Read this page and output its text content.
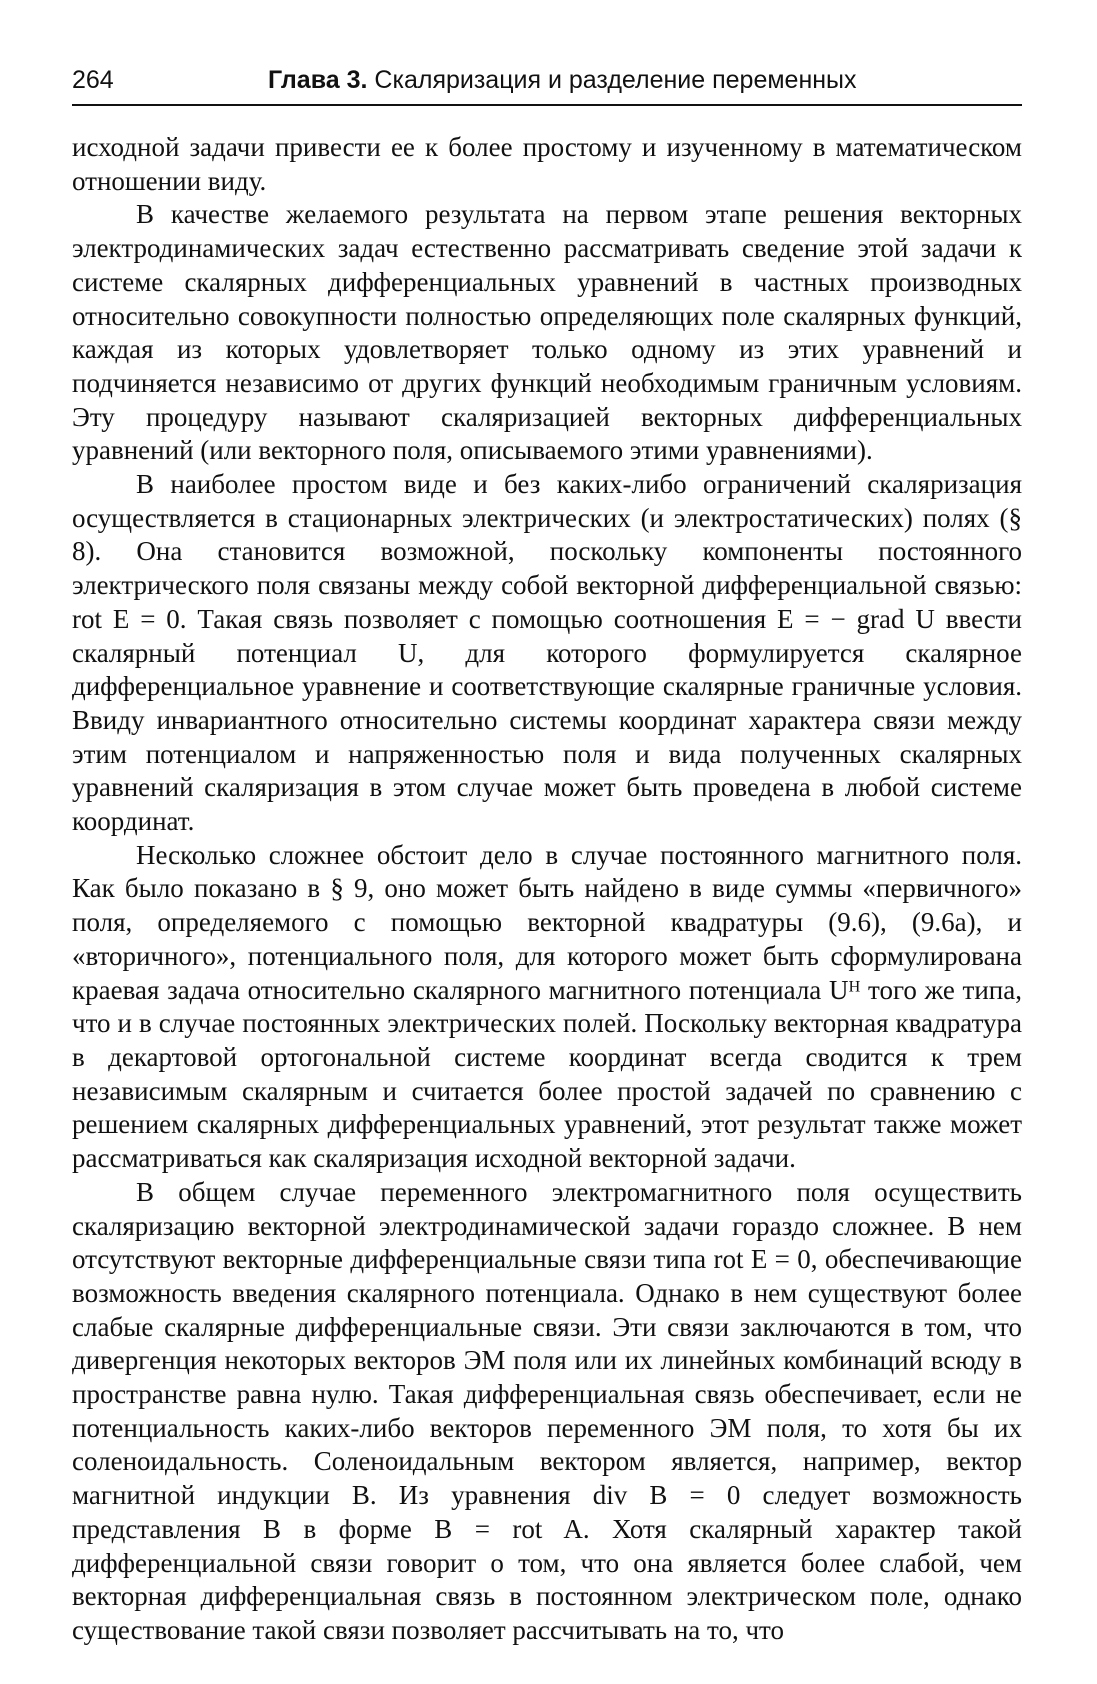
264	Глава 3. Скаляризация и разделение переменных

исходной задачи привести ее к более простому и изученному в математическом отношении виду.

В качестве желаемого результата на первом этапе решения векторных электродинамических задач естественно рассматривать сведение этой задачи к системе скалярных дифференциальных уравнений в частных производных относительно совокупности полностью определяющих поле скалярных функций, каждая из которых удовлетворяет только одному из этих уравнений и подчиняется независимо от других функций необходимым граничным условиям. Эту процедуру называют скаляризацией векторных дифференциальных уравнений (или векторного поля, описываемого этими уравнениями).

В наиболее простом виде и без каких-либо ограничений скаляризация осуществляется в стационарных электрических (и электростатических) полях (§ 8). Она становится возможной, поскольку компоненты постоянного электрического поля связаны между собой векторной дифференциальной связью: rot E = 0. Такая связь позволяет с помощью соотношения E = − grad U ввести скалярный потенциал U, для которого формулируется скалярное дифференциальное уравнение и соответствующие скалярные граничные условия. Ввиду инвариантного относительно системы координат характера связи между этим потенциалом и напряженностью поля и вида полученных скалярных уравнений скаляризация в этом случае может быть проведена в любой системе координат.

Несколько сложнее обстоит дело в случае постоянного магнитного поля. Как было показано в § 9, оно может быть найдено в виде суммы «первичного» поля, определяемого с помощью векторной квадратуры (9.6), (9.6а), и «вторичного», потенциального поля, для которого может быть сформулирована краевая задача относительно скалярного магнитного потенциала Uᴴ того же типа, что и в случае постоянных электрических полей. Поскольку векторная квадратура в декартовой ортогональной системе координат всегда сводится к трем независимым скалярным и считается более простой задачей по сравнению с решением скалярных дифференциальных уравнений, этот результат также может рассматриваться как скаляризация исходной векторной задачи.

В общем случае переменного электромагнитного поля осуществить скаляризацию векторной электродинамической задачи гораздо сложнее. В нем отсутствуют векторные дифференциальные связи типа rot E = 0, обеспечивающие возможность введения скалярного потенциала. Однако в нем существуют более слабые скалярные дифференциальные связи. Эти связи заключаются в том, что дивергенция некоторых векторов ЭМ поля или их линейных комбинаций всюду в пространстве равна нулю. Такая дифференциальная связь обеспечивает, если не потенциальность каких-либо векторов переменного ЭМ поля, то хотя бы их соленоидальность. Соленоидальным вектором является, например, вектор магнитной индукции B. Из уравнения div B = 0 следует возможность представления B в форме B = rot A. Хотя скалярный характер такой дифференциальной связи говорит о том, что она является более слабой, чем векторная дифференциальная связь в постоянном электрическом поле, однако существование такой связи позволяет рассчитывать на то, что
